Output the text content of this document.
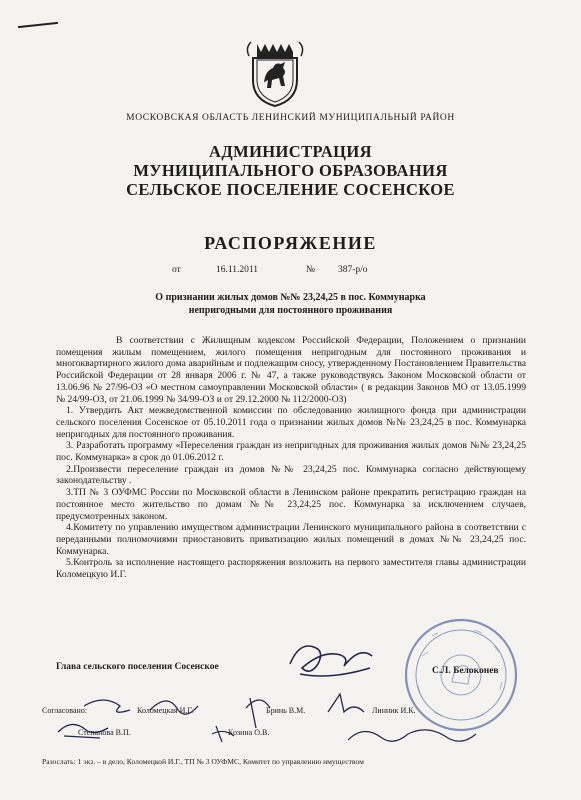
МОСКОВСКАЯ ОБЛАСТЬ ЛЕНИНСКИЙ МУНИЦИПАЛЬНЫЙ РАЙОН
АДМИНИСТРАЦИЯ
МУНИЦИПАЛЬНОГО ОБРАЗОВАНИЯ
СЕЛЬСКОЕ ПОСЕЛЕНИЕ СОСЕНСКОЕ
РАСПОРЯЖЕНИЕ
от	16.11.2011	№ 387-р/о
О признании жилых домов №№ 23,24,25 в пос. Коммунарка
непригодными для постоянного проживания

В соответствии с Жилищным кодексом Российской Федерации, Положением о признании помещения жилым помещением, жилого помещения непригодным для постоянного проживания и многоквартирного жилого дома аварийным и подлежащим сносу, утвержденному Постановлением Правительства Российской Федерации от 28 января 2006 г. № 47, а также руководствуясь Законом Московской области от 13.06.96 № 27/96-ОЗ «О местном самоуправлении Московской области» ( в редакции Законов МО от 13.05.1999 № 24/99-ОЗ, от 21.06.1999 № 34/99-ОЗ и от 29.12.2000 № 112/2000-ОЗ)

1. Утвердить Акт межведомственной комиссии по обследованию жилищного фонда при администрации сельского поселения Сосенское от 05.10.2011 года о признании жилых домов №№ 23,24,25 в пос. Коммунарка непригодных для постоянного проживания.

3. Разработать программу «Переселения граждан из непригодных для проживания жилых домов №№ 23,24,25 пос. Коммунарка» в срок до 01.06.2012 г.

2.Произвести переселение граждан из домов №№ 23,24,25 пос. Коммунарка согласно действующему законодательству .

3.ТП № 3 ОУФМС России по Московской области в Ленинском районе прекратить регистрацию граждан на постоянное место жительство по домам №№ 23,24,25 пос. Коммунарка за исключением случаев, предусмотренных законом.

4.Комитету по управлению имуществом администрации Ленинского муниципального района в соответствии с переданными полномочиями приостановить приватизацию жилых помещений в домах №№ 23,24,25 пос. Коммунарка.

5.Контроль за исполнение настоящего распоряжения возложить на первого заместителя главы администрации Коломецкую И.Г.

Глава сельского поселения Сосенское	С.Л. Белоконев
Согласовано:	Коломецкая И.Г.	Бринь В.М.	Линник И.К.
Степанова В.П.	Козина О.В.
Разослать: 1 экз. – в дело, Коломецкой И.Г., ТП № 3 ОУФМС, Комитет по управлению имуществом
